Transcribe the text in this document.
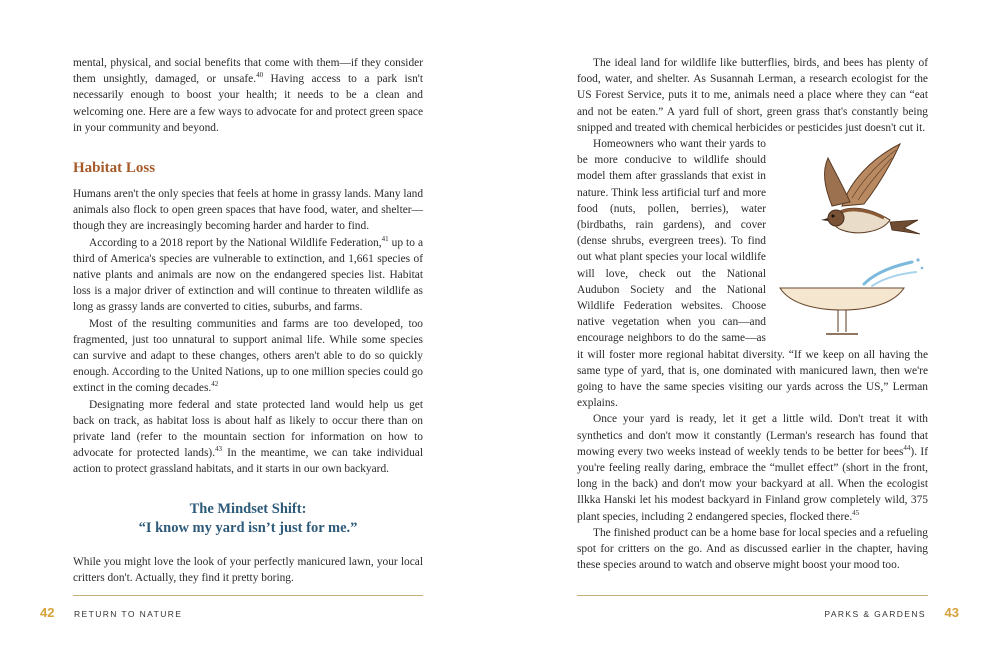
mental, physical, and social benefits that come with them—if they consider them unsightly, damaged, or unsafe.$^{40}$ Having access to a park isn't necessarily enough to boost your health; it needs to be a clean and welcoming one. Here are a few ways to advocate for and protect green space in your community and beyond.

Habitat Loss

Humans aren't the only species that feels at home in grassy lands. Many land animals also flock to open green spaces that have food, water, and shelter—though they are increasingly becoming harder and harder to find.

According to a 2018 report by the National Wildlife Federation,$^{41}$ up to a third of America's species are vulnerable to extinction, and 1,661 species of native plants and animals are now on the endangered species list. Habitat loss is a major driver of extinction and will continue to threaten wildlife as long as grassy lands are converted to cities, suburbs, and farms.

Most of the resulting communities and farms are too developed, too fragmented, just too unnatural to support animal life. While some species can survive and adapt to these changes, others aren't able to do so quickly enough. According to the United Nations, up to one million species could go extinct in the coming decades.$^{42}$

Designating more federal and state protected land would help us get back on track, as habitat loss is about half as likely to occur there than on private land (refer to the mountain section for information on how to advocate for protected lands).$^{43}$ In the meantime, we can take individual action to protect grassland habitats, and it starts in our own backyard.

The Mindset Shift:
“I know my yard isn’t just for me.”

While you might love the look of your perfectly manicured lawn, your local critters don't. Actually, they find it pretty boring.

42 RETURN TO NATURE

The ideal land for wildlife like butterflies, birds, and bees has plenty of food, water, and shelter. As Susannah Lerman, a research ecologist for the US Forest Service, puts it to me, animals need a place where they can “eat and not be eaten.” A yard full of short, green grass that's constantly being snipped and treated with chemical herbicides or pesticides just doesn't cut it.

Homeowners who want their yards to be more conducive to wildlife should model them after grasslands that exist in nature. Think less artificial turf and more food (nuts, pollen, berries), water (birdbaths, rain gardens), and cover (dense shrubs, evergreen trees). To find out what plant species your local wildlife will love, check out the National Audubon Society and the National Wildlife Federation websites. Choose native vegetation when you can—and encourage neighbors to do the same—as it will foster more regional habitat diversity. “If we keep on all having the same type of yard, that is, one dominated with manicured lawn, then we're going to have the same species visiting our yards across the US,” Lerman explains.

Once your yard is ready, let it get a little wild. Don't treat it with synthetics and don't mow it constantly (Lerman's research has found that mowing every two weeks instead of weekly tends to be better for bees$^{44}$). If you're feeling really daring, embrace the “mullet effect” (short in the front, long in the back) and don't mow your backyard at all. When the ecologist Ilkka Hanski let his modest backyard in Finland grow completely wild, 375 plant species, including 2 endangered species, flocked there.$^{45}$

The finished product can be a home base for local species and a refueling spot for critters on the go. And as discussed earlier in the chapter, having these species around to watch and observe might boost your mood too.

PARKS & GARDENS 43
